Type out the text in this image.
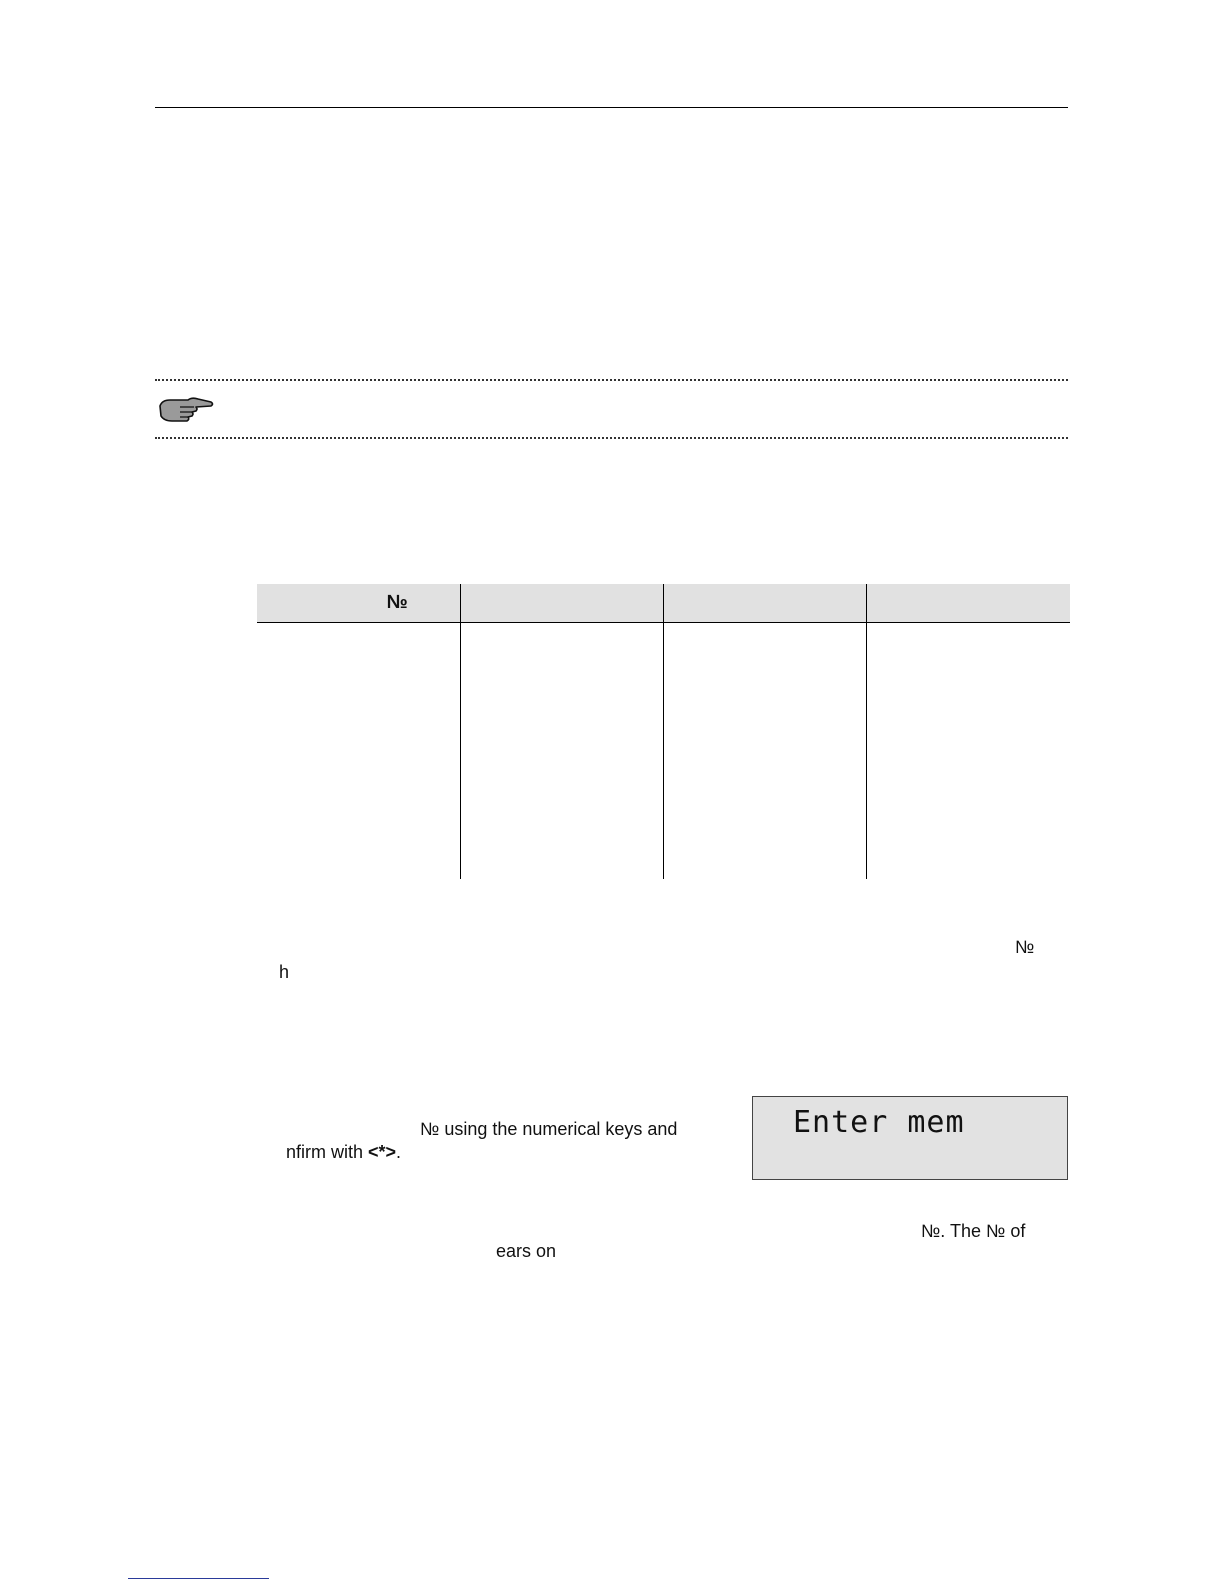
№			

№
h
№ using the numerical keys and
nfirm with <*>.
Enter mem
№. The № of
ears on
